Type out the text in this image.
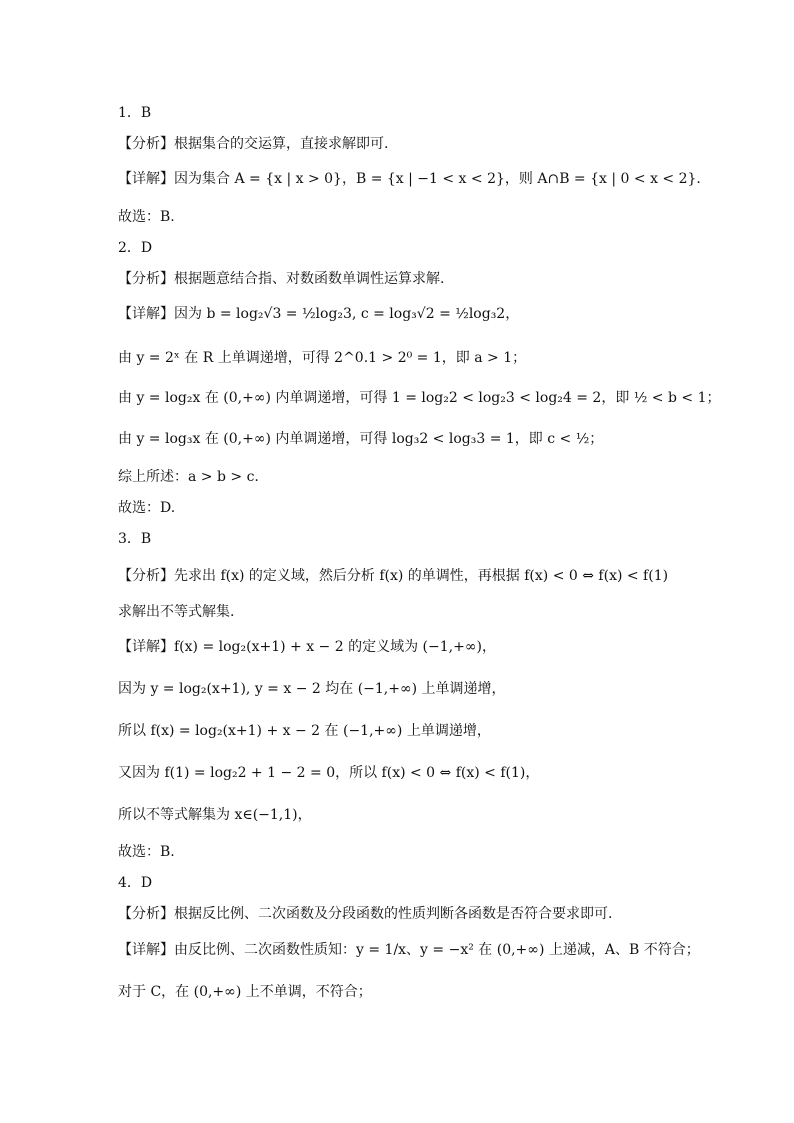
1．B
【分析】根据集合的交运算，直接求解即可.
【详解】因为集合 A = {x | x > 0}，B = {x | −1 < x < 2}，则 A∩B = {x | 0 < x < 2}.
故选：B.
2．D
【分析】根据题意结合指、对数函数单调性运算求解.
【详解】因为 b = log₂√3 = ½log₂3, c = log₃√2 = ½log₃2，
由 y = 2ˣ 在 R 上单调递增，可得 2^0.1 > 2⁰ = 1，即 a > 1；
由 y = log₂x 在 (0,+∞) 内单调递增，可得 1 = log₂2 < log₂3 < log₂4 = 2，即 ½ < b < 1；
由 y = log₃x 在 (0,+∞) 内单调递增，可得 log₃2 < log₃3 = 1，即 c < ½；
综上所述：a > b > c.
故选：D.
3．B
【分析】先求出 f(x) 的定义域，然后分析 f(x) 的单调性，再根据 f(x) < 0 ⇔ f(x) < f(1)
求解出不等式解集.
【详解】f(x) = log₂(x+1) + x − 2 的定义域为 (−1,+∞)，
因为 y = log₂(x+1), y = x − 2 均在 (−1,+∞) 上单调递增，
所以 f(x) = log₂(x+1) + x − 2 在 (−1,+∞) 上单调递增，
又因为 f(1) = log₂2 + 1 − 2 = 0，所以 f(x) < 0 ⇔ f(x) < f(1)，
所以不等式解集为 x∈(−1,1)，
故选：B.
4．D
【分析】根据反比例、二次函数及分段函数的性质判断各函数是否符合要求即可.
【详解】由反比例、二次函数性质知：y = 1/x、y = −x² 在 (0,+∞) 上递减，A、B 不符合；
对于 C，在 (0,+∞) 上不单调，不符合；
